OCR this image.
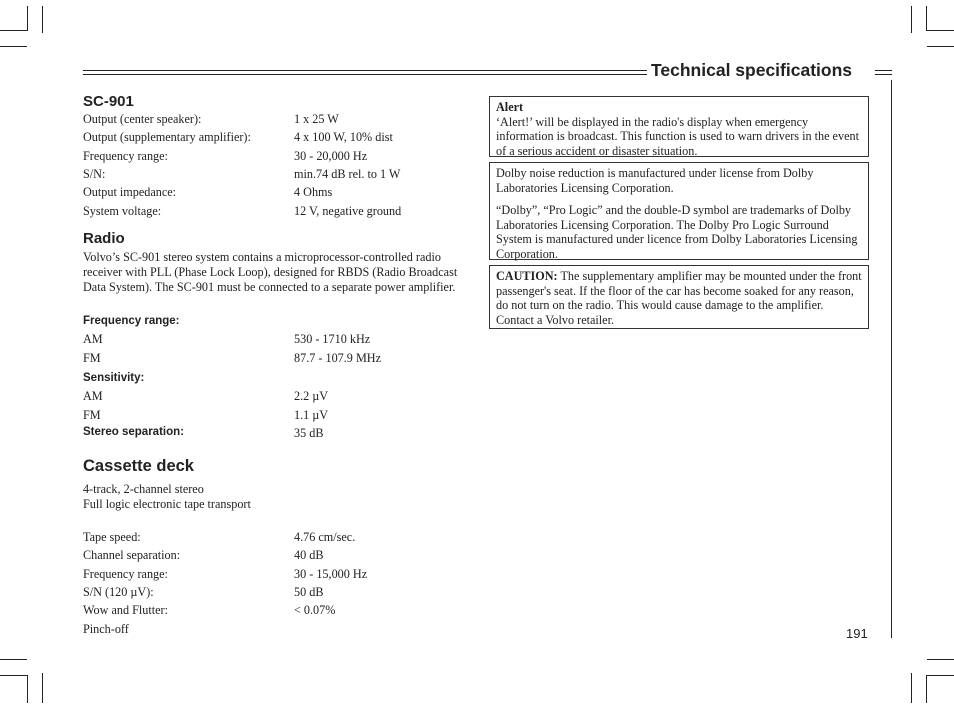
Technical specifications
SC-901
Output (center speaker):	1 x 25 W
Output (supplementary amplifier):	4 x 100 W, 10% dist
Frequency range:	30 - 20,000 Hz
S/N:	min.74 dB rel. to 1 W
Output impedance:	4 Ohms
System voltage:	12 V, negative ground
Radio
Volvo’s SC-901 stereo system contains a microprocessor-controlled radio receiver with PLL (Phase Lock Loop), designed for RBDS (Radio Broadcast Data System). The SC-901 must be connected to a separate power amplifier.
Frequency range:
AM	530 - 1710 kHz
FM	87.7 - 107.9 MHz
Sensitivity:
AM	2.2 µV
FM	1.1 µV
Stereo separation:	35 dB
Cassette deck
4-track, 2-channel stereo
Full logic electronic tape transport
Tape speed:	4.76 cm/sec.
Channel separation:	40 dB
Frequency range:	30 - 15,000 Hz
S/N (120 µV):	50 dB
Wow and Flutter:	< 0.07%
Pinch-off
Alert
‘Alert!’ will be displayed in the radio's display when emergency information is broadcast. This function is used to warn drivers in the event of a serious accident or disaster situation.
Dolby noise reduction is manufactured under license from Dolby Laboratories Licensing Corporation.
“Dolby”, “Pro Logic” and the double-D symbol are trademarks of Dolby Laboratories Licensing Corporation. The Dolby Pro Logic Surround System is manufactured under licence from Dolby Laboratories Licensing Corporation.
CAUTION: The supplementary amplifier may be mounted under the front passenger's seat. If the floor of the car has become soaked for any reason, do not turn on the radio. This would cause damage to the amplifier. Contact a Volvo retailer.
191
